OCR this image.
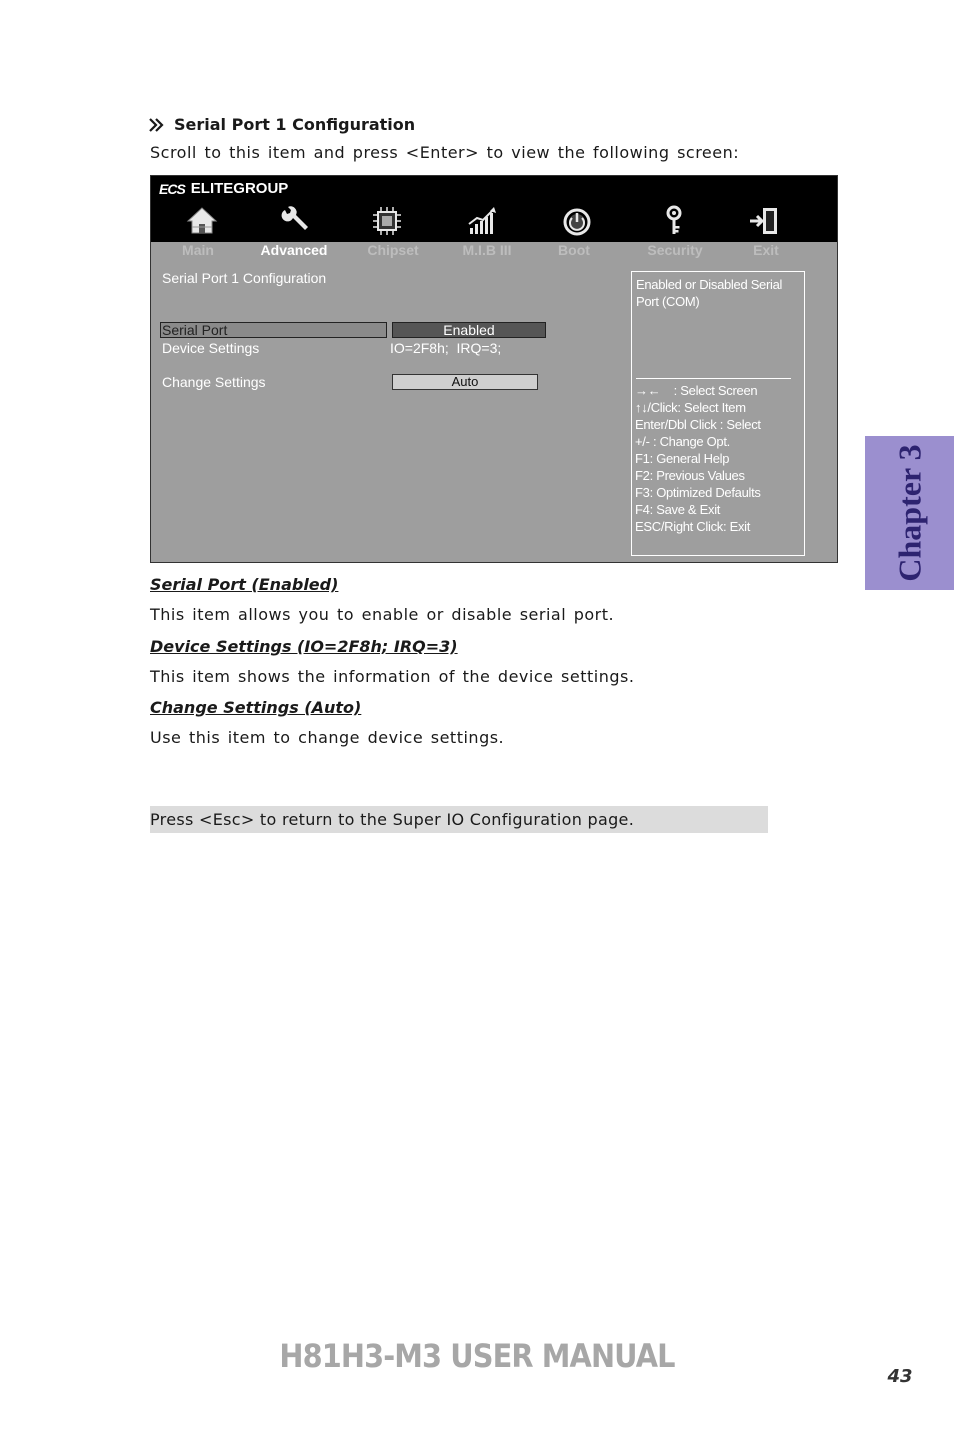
Serial Port 1 Configuration
Scroll to this item and press <Enter> to view the following screen:
ECS ELITEGROUP
Main	Advanced	Chipset	M.I.B III	Boot	Security	Exit
Serial Port 1 Configuration
Serial Port	Enabled
Device Settings	IO=2F8h;  IRQ=3;
Change Settings	Auto
Enabled or Disabled Serial Port (COM)
→←    : Select Screen
↑↓/Click: Select Item
Enter/Dbl Click : Select
+/- : Change Opt.
F1: General Help
F2: Previous Values
F3: Optimized Defaults
F4: Save & Exit
ESC/Right Click: Exit
Serial Port (Enabled)
This item allows you to enable or disable serial port.
Device Settings (IO=2F8h; IRQ=3)
This item shows the information of the device settings.
Change Settings (Auto)
Use this item to change device settings.
Press <Esc> to return to the Super IO Configuration page.
Chapter 3
H81H3-M3 USER MANUAL
43
